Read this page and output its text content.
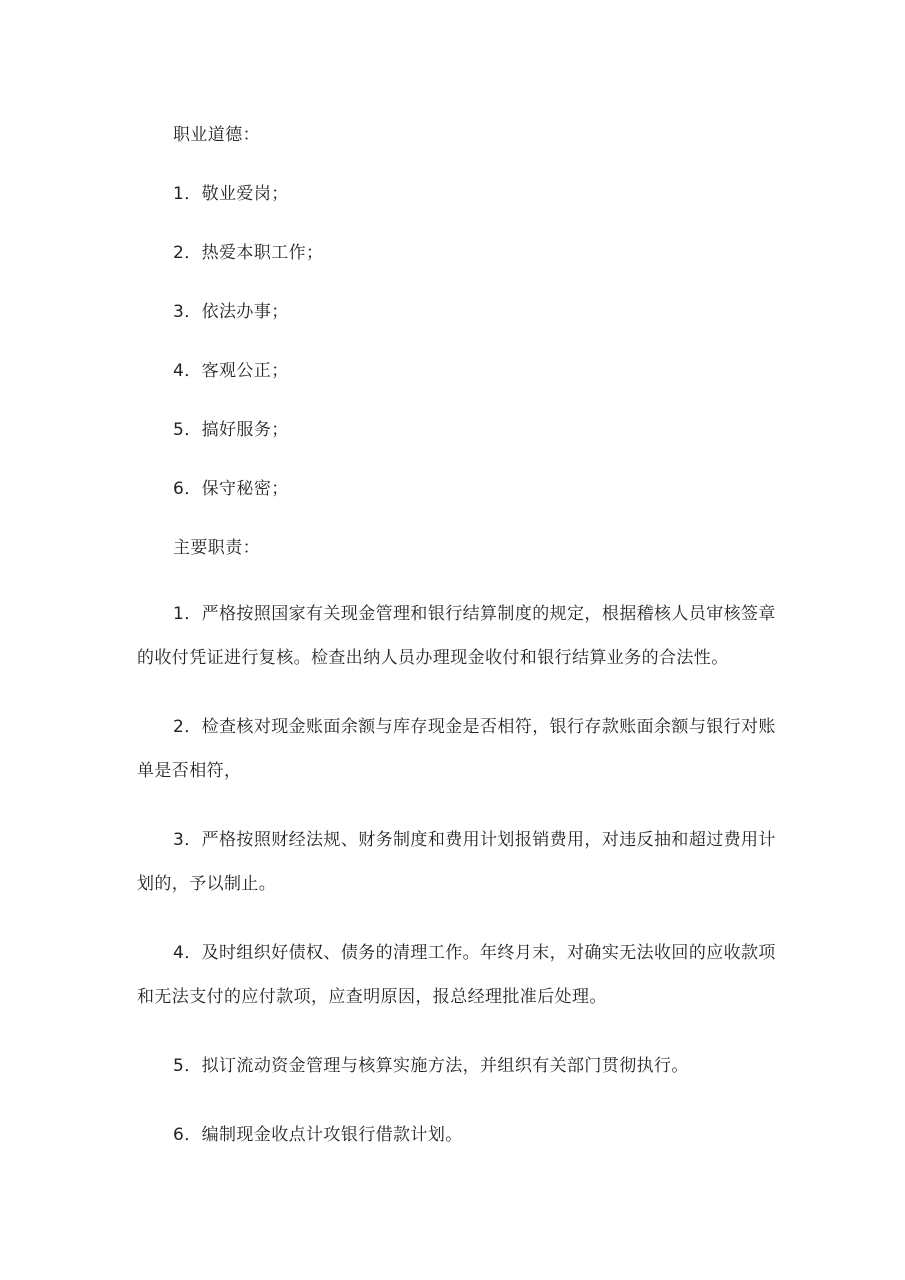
职业道德：

1．敬业爱岗；

2．热爱本职工作；

3．依法办事；

4．客观公正；

5．搞好服务；

6．保守秘密；

主要职责：

1．严格按照国家有关现金管理和银行结算制度的规定，根据稽核人员审核签章的收付凭证进行复核。检查出纳人员办理现金收付和银行结算业务的合法性。

2．检查核对现金账面余额与库存现金是否相符，银行存款账面余额与银行对账单是否相符，

3．严格按照财经法规、财务制度和费用计划报销费用，对违反抽和超过费用计划的，予以制止。

4．及时组织好债权、债务的清理工作。年终月末，对确实无法收回的应收款项和无法支付的应付款项，应查明原因，报总经理批准后处理。

5．拟订流动资金管理与核算实施方法，并组织有关部门贯彻执行。

6．编制现金收点计攻银行借款计划。
